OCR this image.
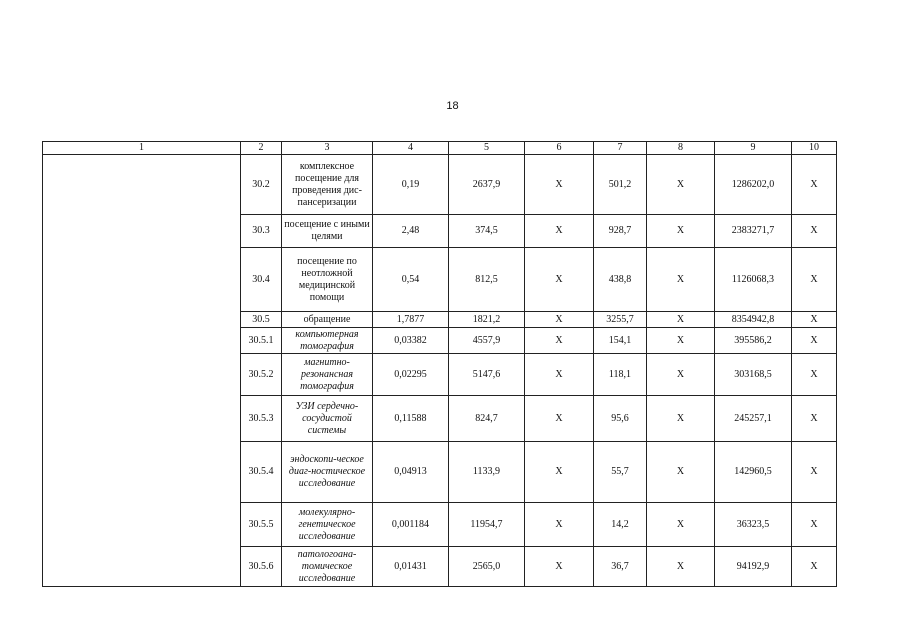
18
1	2	3	4	5	6	7	8	9	10
	30.2	комплексное посещение для проведения дис-пансеризации	0,19	2637,9	Х	501,2	Х	1286202,0	Х
	30.3	посещение с иными целями	2,48	374,5	Х	928,7	Х	2383271,7	Х
	30.4	посещение по неотложной медицинской помощи	0,54	812,5	Х	438,8	Х	1126068,3	Х
	30.5	обращение	1,7877	1821,2	Х	3255,7	Х	8354942,8	Х
	30.5.1	компьютерная томография	0,03382	4557,9	Х	154,1	Х	395586,2	Х
	30.5.2	магнитно-резонансная томография	0,02295	5147,6	Х	118,1	Х	303168,5	Х
	30.5.3	УЗИ сердечно-сосудистой системы	0,11588	824,7	Х	95,6	Х	245257,1	Х
	30.5.4	эндоскопи-ческое диаг-ностическое исследование	0,04913	1133,9	Х	55,7	Х	142960,5	Х
	30.5.5	молекулярно-генетическое исследование	0,001184	11954,7	Х	14,2	Х	36323,5	Х
	30.5.6	патологоана-томическое исследование	0,01431	2565,0	Х	36,7	Х	94192,9	Х
